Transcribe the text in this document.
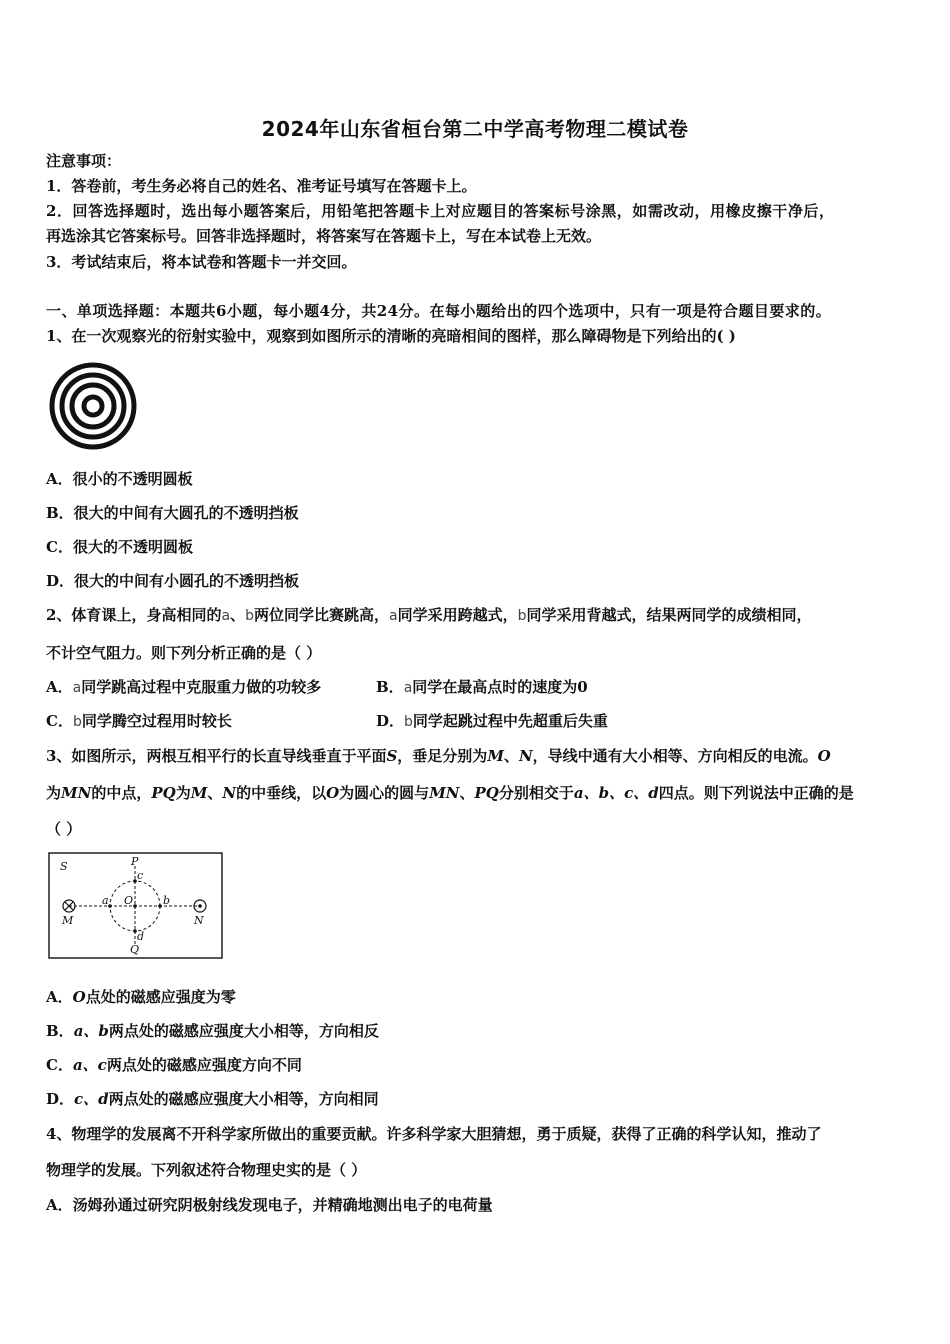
2024年山东省桓台第二中学高考物理二模试卷
注意事项：
1．答卷前，考生务必将自己的姓名、准考证号填写在答题卡上。
2．回答选择题时，选出每小题答案后，用铅笔把答题卡上对应题目的答案标号涂黑，如需改动，用橡皮擦干净后，
再选涂其它答案标号。回答非选择题时，将答案写在答题卡上，写在本试卷上无效。
3．考试结束后，将本试卷和答题卡一并交回。
一、单项选择题：本题共6小题，每小题4分，共24分。在每小题给出的四个选项中，只有一项是符合题目要求的。
1、在一次观察光的衍射实验中，观察到如图所示的清晰的亮暗相间的图样，那么障碍物是下列给出的( )
A．很小的不透明圆板
B．很大的中间有大圆孔的不透明挡板
C．很大的不透明圆板
D．很大的中间有小圆孔的不透明挡板
2、体育课上，身高相同的a、b两位同学比赛跳高，a同学采用跨越式，b同学采用背越式，结果两同学的成绩相同，
不计空气阻力。则下列分析正确的是（ ）
A．a同学跳高过程中克服重力做的功较多	B．a同学在最高点时的速度为0
C．b同学腾空过程用时较长	D．b同学起跳过程中先超重后失重
3、如图所示，两根互相平行的长直导线垂直于平面S，垂足分别为M、N，导线中通有大小相等、方向相反的电流。O
为MN的中点，PQ为M、N的中垂线，以O为圆心的圆与MN、PQ分别相交于a、b、c、d四点。则下列说法中正确的是
（ ）
S	P
c
a O	b
M	N
d
Q
A．O点处的磁感应强度为零
B．a、b两点处的磁感应强度大小相等，方向相反
C．a、c两点处的磁感应强度方向不同
D．c、d两点处的磁感应强度大小相等，方向相同
4、物理学的发展离不开科学家所做出的重要贡献。许多科学家大胆猜想，勇于质疑，获得了正确的科学认知，推动了
物理学的发展。下列叙述符合物理史实的是（ ）
A．汤姆孙通过研究阴极射线发现电子，并精确地测出电子的电荷量
